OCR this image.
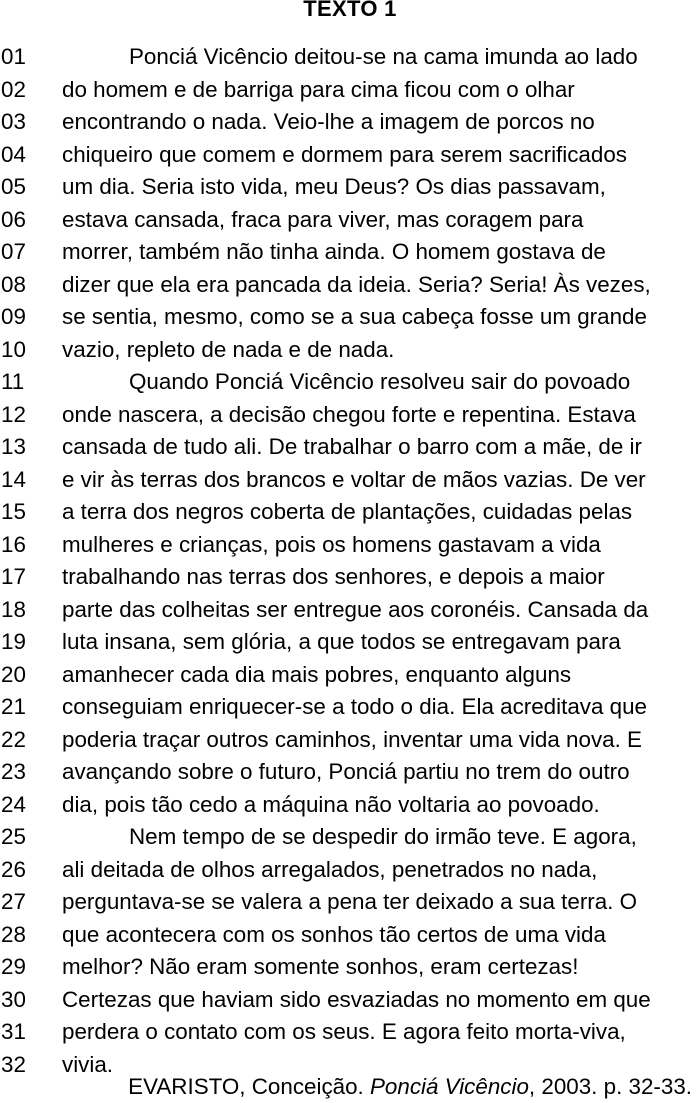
TEXTO 1
01	Ponciá Vicêncio deitou-se na cama imunda ao lado
02	do homem e de barriga para cima ficou com o olhar
03	encontrando o nada. Veio-lhe a imagem de porcos no
04	chiqueiro que comem e dormem para serem sacrificados
05	um dia. Seria isto vida, meu Deus? Os dias passavam,
06	estava cansada, fraca para viver, mas coragem para
07	morrer, também não tinha ainda. O homem gostava de
08	dizer que ela era pancada da ideia. Seria? Seria! Às vezes,
09	se sentia, mesmo, como se a sua cabeça fosse um grande
10	vazio, repleto de nada e de nada.
11	Quando Ponciá Vicêncio resolveu sair do povoado
12	onde nascera, a decisão chegou forte e repentina. Estava
13	cansada de tudo ali. De trabalhar o barro com a mãe, de ir
14	e vir às terras dos brancos e voltar de mãos vazias. De ver
15	a terra dos negros coberta de plantações, cuidadas pelas
16	mulheres e crianças, pois os homens gastavam a vida
17	trabalhando nas terras dos senhores, e depois a maior
18	parte das colheitas ser entregue aos coronéis. Cansada da
19	luta insana, sem glória, a que todos se entregavam para
20	amanhecer cada dia mais pobres, enquanto alguns
21	conseguiam enriquecer-se a todo o dia. Ela acreditava que
22	poderia traçar outros caminhos, inventar uma vida nova. E
23	avançando sobre o futuro, Ponciá partiu no trem do outro
24	dia, pois tão cedo a máquina não voltaria ao povoado.
25	Nem tempo de se despedir do irmão teve. E agora,
26	ali deitada de olhos arregalados, penetrados no nada,
27	perguntava-se se valera a pena ter deixado a sua terra. O
28	que acontecera com os sonhos tão certos de uma vida
29	melhor? Não eram somente sonhos, eram certezas!
30	Certezas que haviam sido esvaziadas no momento em que
31	perdera o contato com os seus. E agora feito morta-viva,
32	vivia.
EVARISTO, Conceição. Ponciá Vicêncio, 2003. p. 32-33.
